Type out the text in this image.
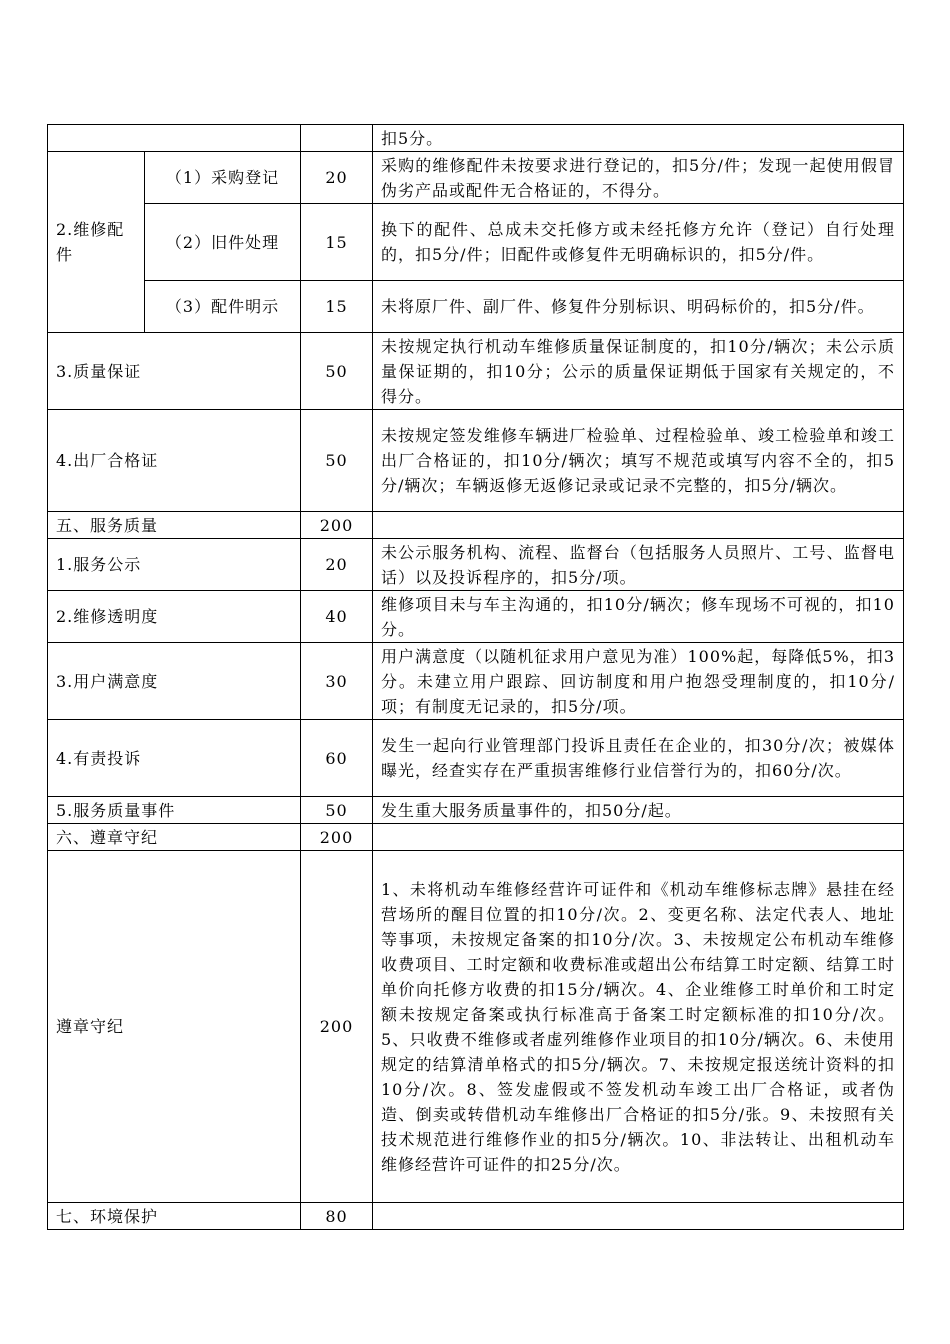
			扣5分。
2.维修配件	（1）采购登记	20	采购的维修配件未按要求进行登记的，扣5分/件；发现一起使用假冒伪劣产品或配件无合格证的，不得分。
	（2）旧件处理	15	换下的配件、总成未交托修方或未经托修方允许（登记）自行处理的，扣5分/件；旧配件或修复件无明确标识的，扣5分/件。
	（3）配件明示	15	未将原厂件、副厂件、修复件分别标识、明码标价的，扣5分/件。
3.质量保证		50	未按规定执行机动车维修质量保证制度的，扣10分/辆次；未公示质量保证期的，扣10分；公示的质量保证期低于国家有关规定的，不得分。
4.出厂合格证		50	未按规定签发维修车辆进厂检验单、过程检验单、竣工检验单和竣工出厂合格证的，扣10分/辆次；填写不规范或填写内容不全的，扣5分/辆次；车辆返修无返修记录或记录不完整的，扣5分/辆次。
五、服务质量		200	
1.服务公示		20	未公示服务机构、流程、监督台（包括服务人员照片、工号、监督电话）以及投诉程序的，扣5分/项。
2.维修透明度		40	维修项目未与车主沟通的，扣10分/辆次；修车现场不可视的，扣10分。
3.用户满意度		30	用户满意度（以随机征求用户意见为准）100%起，每降低5%，扣3分。未建立用户跟踪、回访制度和用户抱怨受理制度的，扣10分/项；有制度无记录的，扣5分/项。
4.有责投诉		60	发生一起向行业管理部门投诉且责任在企业的，扣30分/次；被媒体曝光，经查实存在严重损害维修行业信誉行为的，扣60分/次。
5.服务质量事件		50	发生重大服务质量事件的，扣50分/起。
六、遵章守纪		200	
遵章守纪		200	1、未将机动车维修经营许可证件和《机动车维修标志牌》悬挂在经营场所的醒目位置的扣10分/次。2、变更名称、法定代表人、地址等事项，未按规定备案的扣10分/次。3、未按规定公布机动车维修收费项目、工时定额和收费标准或超出公布结算工时定额、结算工时单价向托修方收费的扣15分/辆次。4、企业维修工时单价和工时定额未按规定备案或执行标准高于备案工时定额标准的扣10分/次。5、只收费不维修或者虚列维修作业项目的扣10分/辆次。6、未使用规定的结算清单格式的扣5分/辆次。7、未按规定报送统计资料的扣10分/次。8、签发虚假或不签发机动车竣工出厂合格证，或者伪造、倒卖或转借机动车维修出厂合格证的扣5分/张。9、未按照有关技术规范进行维修作业的扣5分/辆次。10、非法转让、出租机动车维修经营许可证件的扣25分/次。
七、环境保护		80	
